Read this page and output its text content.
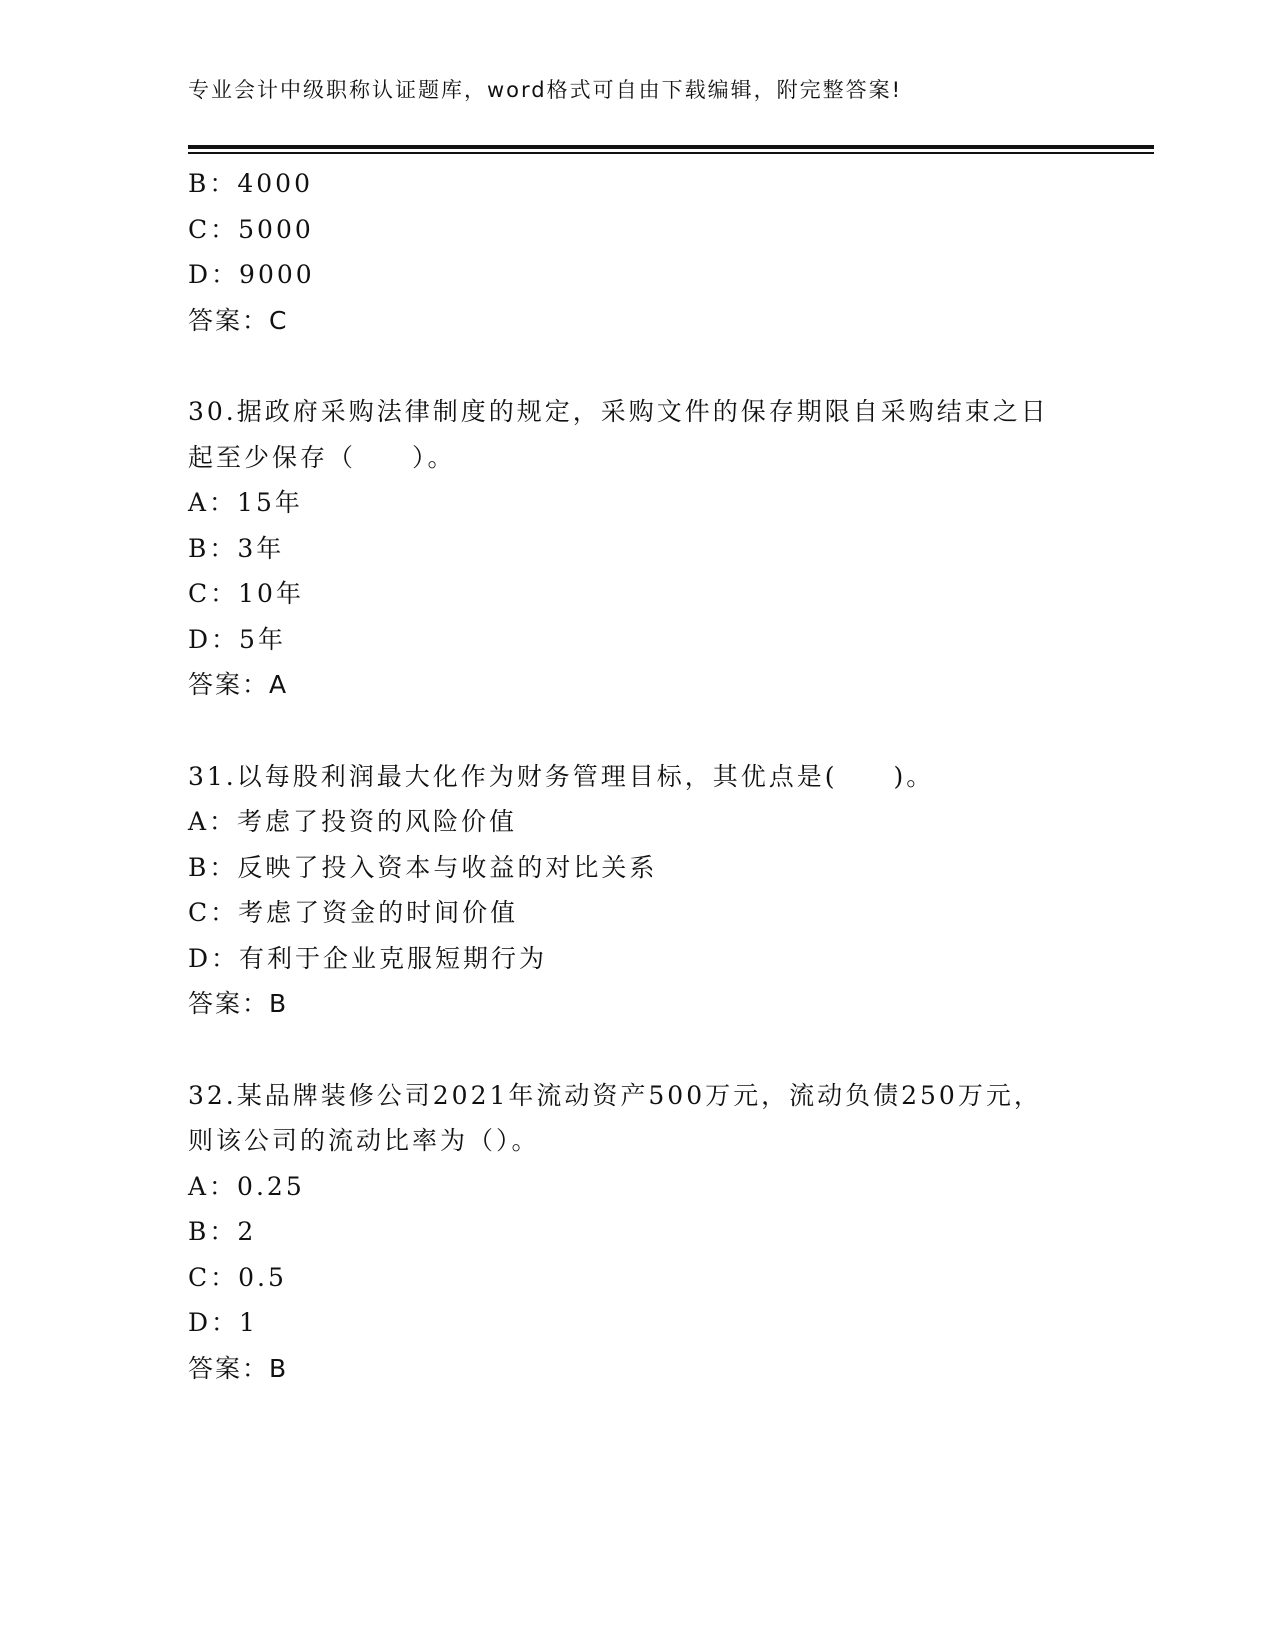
专业会计中级职称认证题库，word格式可自由下载编辑，附完整答案!
B：4000
C：5000
D：9000
答案：C
30.据政府采购法律制度的规定，采购文件的保存期限自采购结束之日
起至少保存（　　）。
A：15年
B：3年
C：10年
D：5年
答案：A
31.以每股利润最大化作为财务管理目标，其优点是(　　)。
A：考虑了投资的风险价值
B：反映了投入资本与收益的对比关系
C：考虑了资金的时间价值
D：有利于企业克服短期行为
答案：B
32.某品牌装修公司2021年流动资产500万元，流动负债250万元，
则该公司的流动比率为（）。
A：0.25
B：2
C：0.5
D：1
答案：B
